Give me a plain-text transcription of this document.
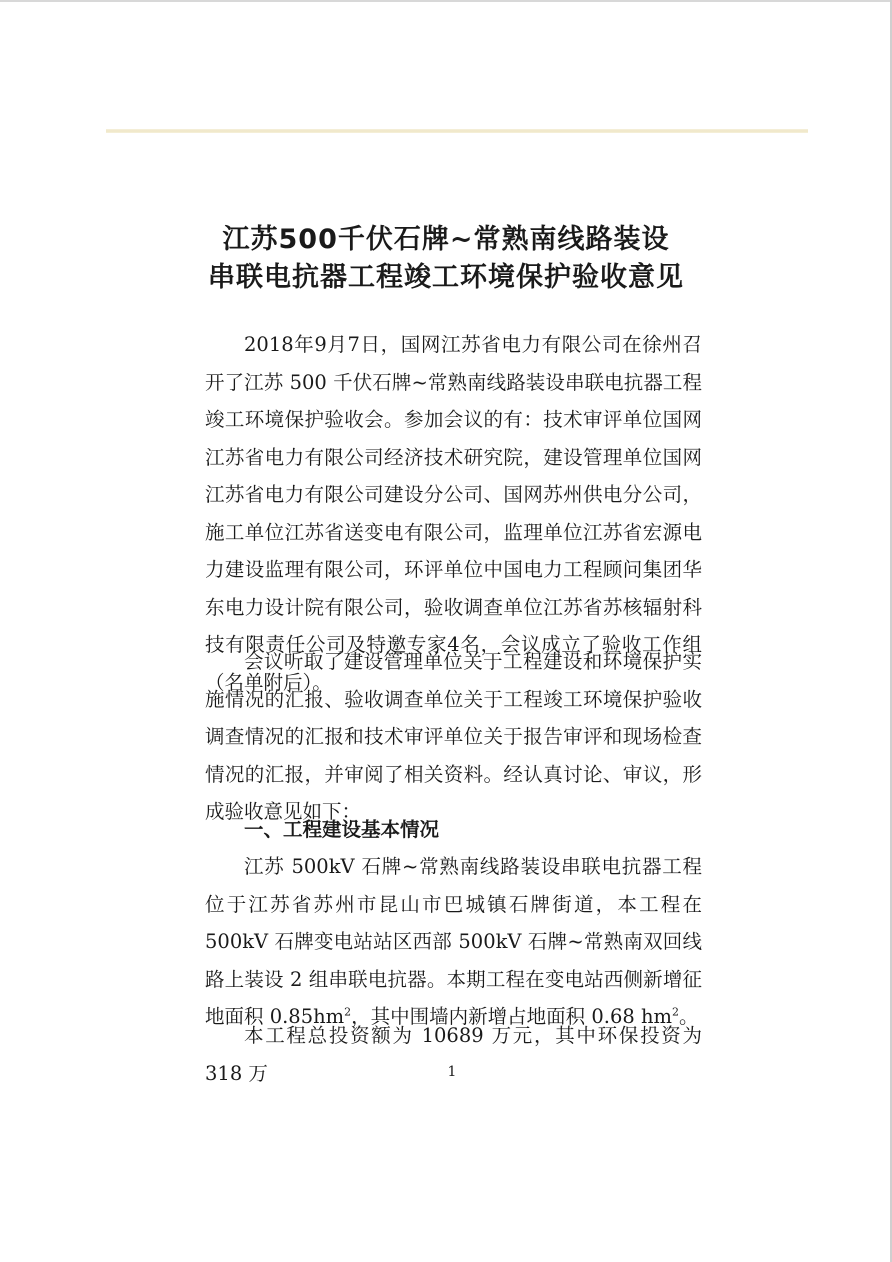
江苏500千伏石牌~常熟南线路装设
串联电抗器工程竣工环境保护验收意见
2018年9月7日，国网江苏省电力有限公司在徐州召开了江苏 500 千伏石牌~常熟南线路装设串联电抗器工程竣工环境保护验收会。参加会议的有：技术审评单位国网江苏省电力有限公司经济技术研究院，建设管理单位国网江苏省电力有限公司建设分公司、国网苏州供电分公司，施工单位江苏省送变电有限公司，监理单位江苏省宏源电力建设监理有限公司，环评单位中国电力工程顾问集团华东电力设计院有限公司，验收调查单位江苏省苏核辐射科技有限责任公司及特邀专家4名，会议成立了验收工作组（名单附后）。
会议听取了建设管理单位关于工程建设和环境保护实施情况的汇报、验收调查单位关于工程竣工环境保护验收调查情况的汇报和技术审评单位关于报告审评和现场检查情况的汇报，并审阅了相关资料。经认真讨论、审议，形成验收意见如下：
一、工程建设基本情况
江苏 500kV 石牌~常熟南线路装设串联电抗器工程位于江苏省苏州市昆山市巴城镇石牌街道，本工程在 500kV 石牌变电站站区西部 500kV 石牌~常熟南双回线路上装设 2 组串联电抗器。本期工程在变电站西侧新增征地面积 $0.85hm^2$，其中围墙内新增占地面积 0.68 $hm^2$。
本工程总投资额为 10689 万元，其中环保投资为 318 万	1
